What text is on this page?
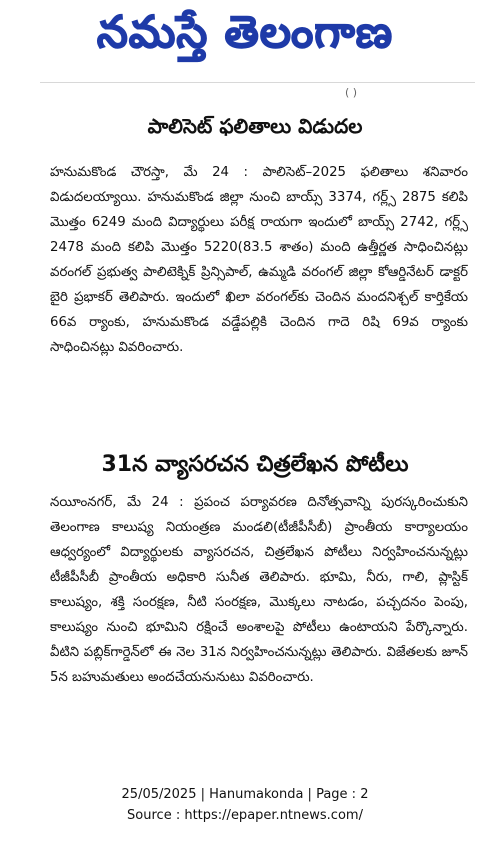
నమస్తే తెలంగాణ
( )
పాలిసెట్ ఫలితాలు విడుదల
హనుమకొండ చౌరస్తా, మే 24 : పాలిసెట్–2025 ఫలితాలు శనివారం విడుదలయ్యాయి. హనుమకొండ జిల్లా నుంచి బాయ్స్ 3374, గర్ల్స్ 2875 కలిపి మొత్తం 6249 మంది విద్యార్థులు పరీక్ష రాయగా ఇందులో బాయ్స్ 2742, గర్ల్స్ 2478 మంది కలిపి మొత్తం 5220(83.5 శాతం) మంది ఉత్తీర్ణత సాధించినట్లు వరంగల్ ప్రభుత్వ పాలిటెక్నిక్ ప్రిన్సిపాల్, ఉమ్మడి వరంగల్ జిల్లా కోఆర్డినేటర్ డాక్టర్ బైరి ప్రభాకర్ తెలిపారు. ఇందులో ఖిలా వరంగల్‌కు చెందిన మందనిశ్చల్ కార్తికేయ 66వ ర్యాంకు, హనుమకొండ వడ్డేపల్లికి చెందిన గాదె రిషి 69వ ర్యాంకు సాధించినట్లు వివరించారు.
31న వ్యాసరచన చిత్రలేఖన పోటీలు
నయీంనగర్, మే 24 : ప్రపంచ పర్యావరణ దినోత్సవాన్ని పురస్కరించుకుని తెలంగాణ కాలుష్య నియంత్రణ మండలి(టీజీపీసీబీ) ప్రాంతీయ కార్యాలయం ఆధ్వర్యంలో విద్యార్థులకు వ్యాసరచన, చిత్రలేఖన పోటీలు నిర్వహించనున్నట్లు టీజీపీసీబీ ప్రాంతీయ అధికారి సునీత తెలిపారు. భూమి, నీరు, గాలి, ప్లాస్టిక్ కాలుష్యం, శక్తి సంరక్షణ, నీటి సంరక్షణ, మొక్కలు నాటడం, పచ్చదనం పెంపు, కాలుష్యం నుంచి భూమిని రక్షించే అంశాలపై పోటీలు ఉంటాయని పేర్కొన్నారు. వీటిని పబ్లిక్‌గార్డెన్‌లో ఈ నెల 31న నిర్వహించనున్నట్లు తెలిపారు. విజేతలకు జూన్ 5న బహుమతులు అందచేయనునుటు వివరించారు.
25/05/2025 | Hanumakonda | Page : 2
Source : https://epaper.ntnews.com/
